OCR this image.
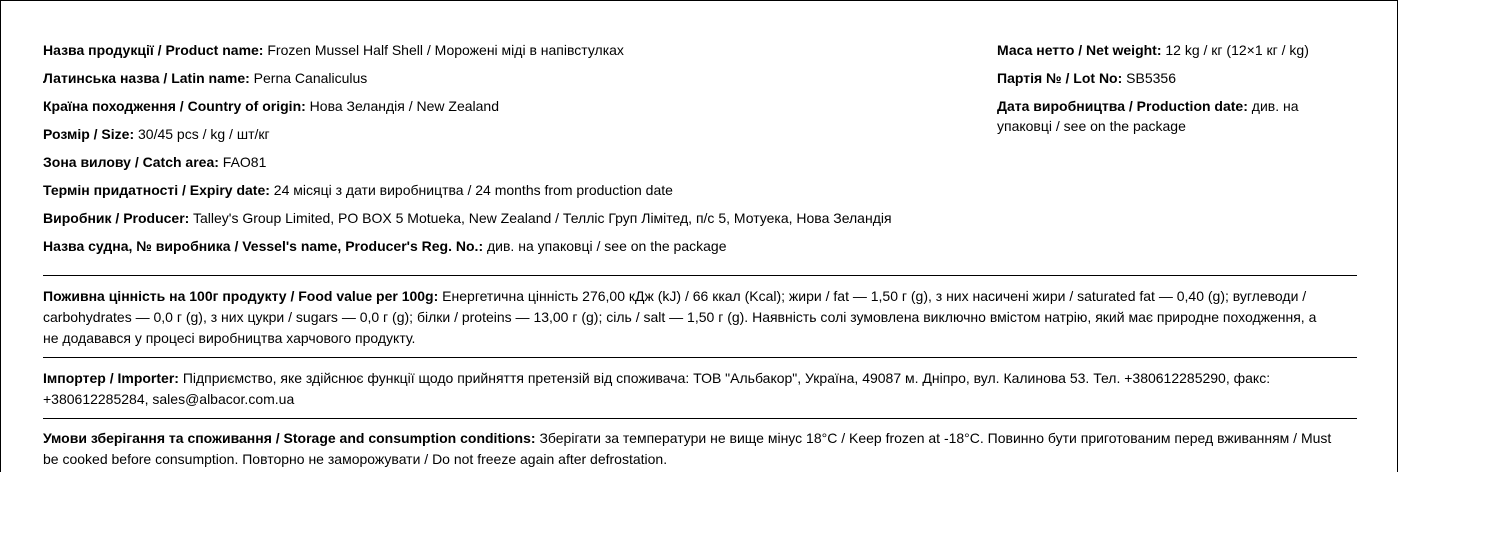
Назва продукції / Product name: Frozen Mussel Half Shell / Морожені міді в напівстулках
Латинська назва / Latin name: Perna Canaliculus
Країна походження / Country of origin: Нова Зеландія / New Zealand
Розмір / Size: 30/45 pcs / kg / шт/кг
Зона вилову / Catch area: FAO81
Термін придатності / Expiry date: 24 місяці з дати виробництва / 24 months from production date
Виробник / Producer: Talley's Group Limited, PO BOX 5 Motueka, New Zealand / Телліс Груп Лімітед, п/с 5, Мотуека, Нова Зеландія
Назва судна, № виробника / Vessel's name, Producer's Reg. No.: див. на упаковці / see on the package
Маса нетто / Net weight: 12 kg / кг (12×1 кг / kg)
Партія № / Lot No: SB5356
Дата виробництва / Production date: див. на упаковці / see on the package
Поживна цінність на 100г продукту / Food value per 100g: Енергетична цінність 276,00 кДж (kJ) / 66 ккал (Kcal); жири / fat — 1,50 г (g), з них насичені жири / saturated fat — 0,40 (g); вуглеводи / carbohydrates — 0,0 г (g), з них цукри / sugars — 0,0 г (g); білки / proteins — 13,00 г (g); сіль / salt — 1,50 г (g). Наявність солі зумовлена виключно вмістом натрію, який має природне походження, а не додавався у процесі виробництва харчового продукту.
Імпортер / Importer: Підприємство, яке здійснює функції щодо прийняття претензій від споживача: ТОВ "Альбакор", Україна, 49087 м. Дніпро, вул. Калинова 53. Тел. +380612285290, факс: +380612285284, sales@albacor.com.ua
Умови зберігання та споживання / Storage and consumption conditions: Зберігати за температури не вище мінус 18°C / Keep frozen at -18°C. Повинно бути приготованим перед вживанням / Must be cooked before consumption. Повторно не заморожувати / Do not freeze again after defrostation.
